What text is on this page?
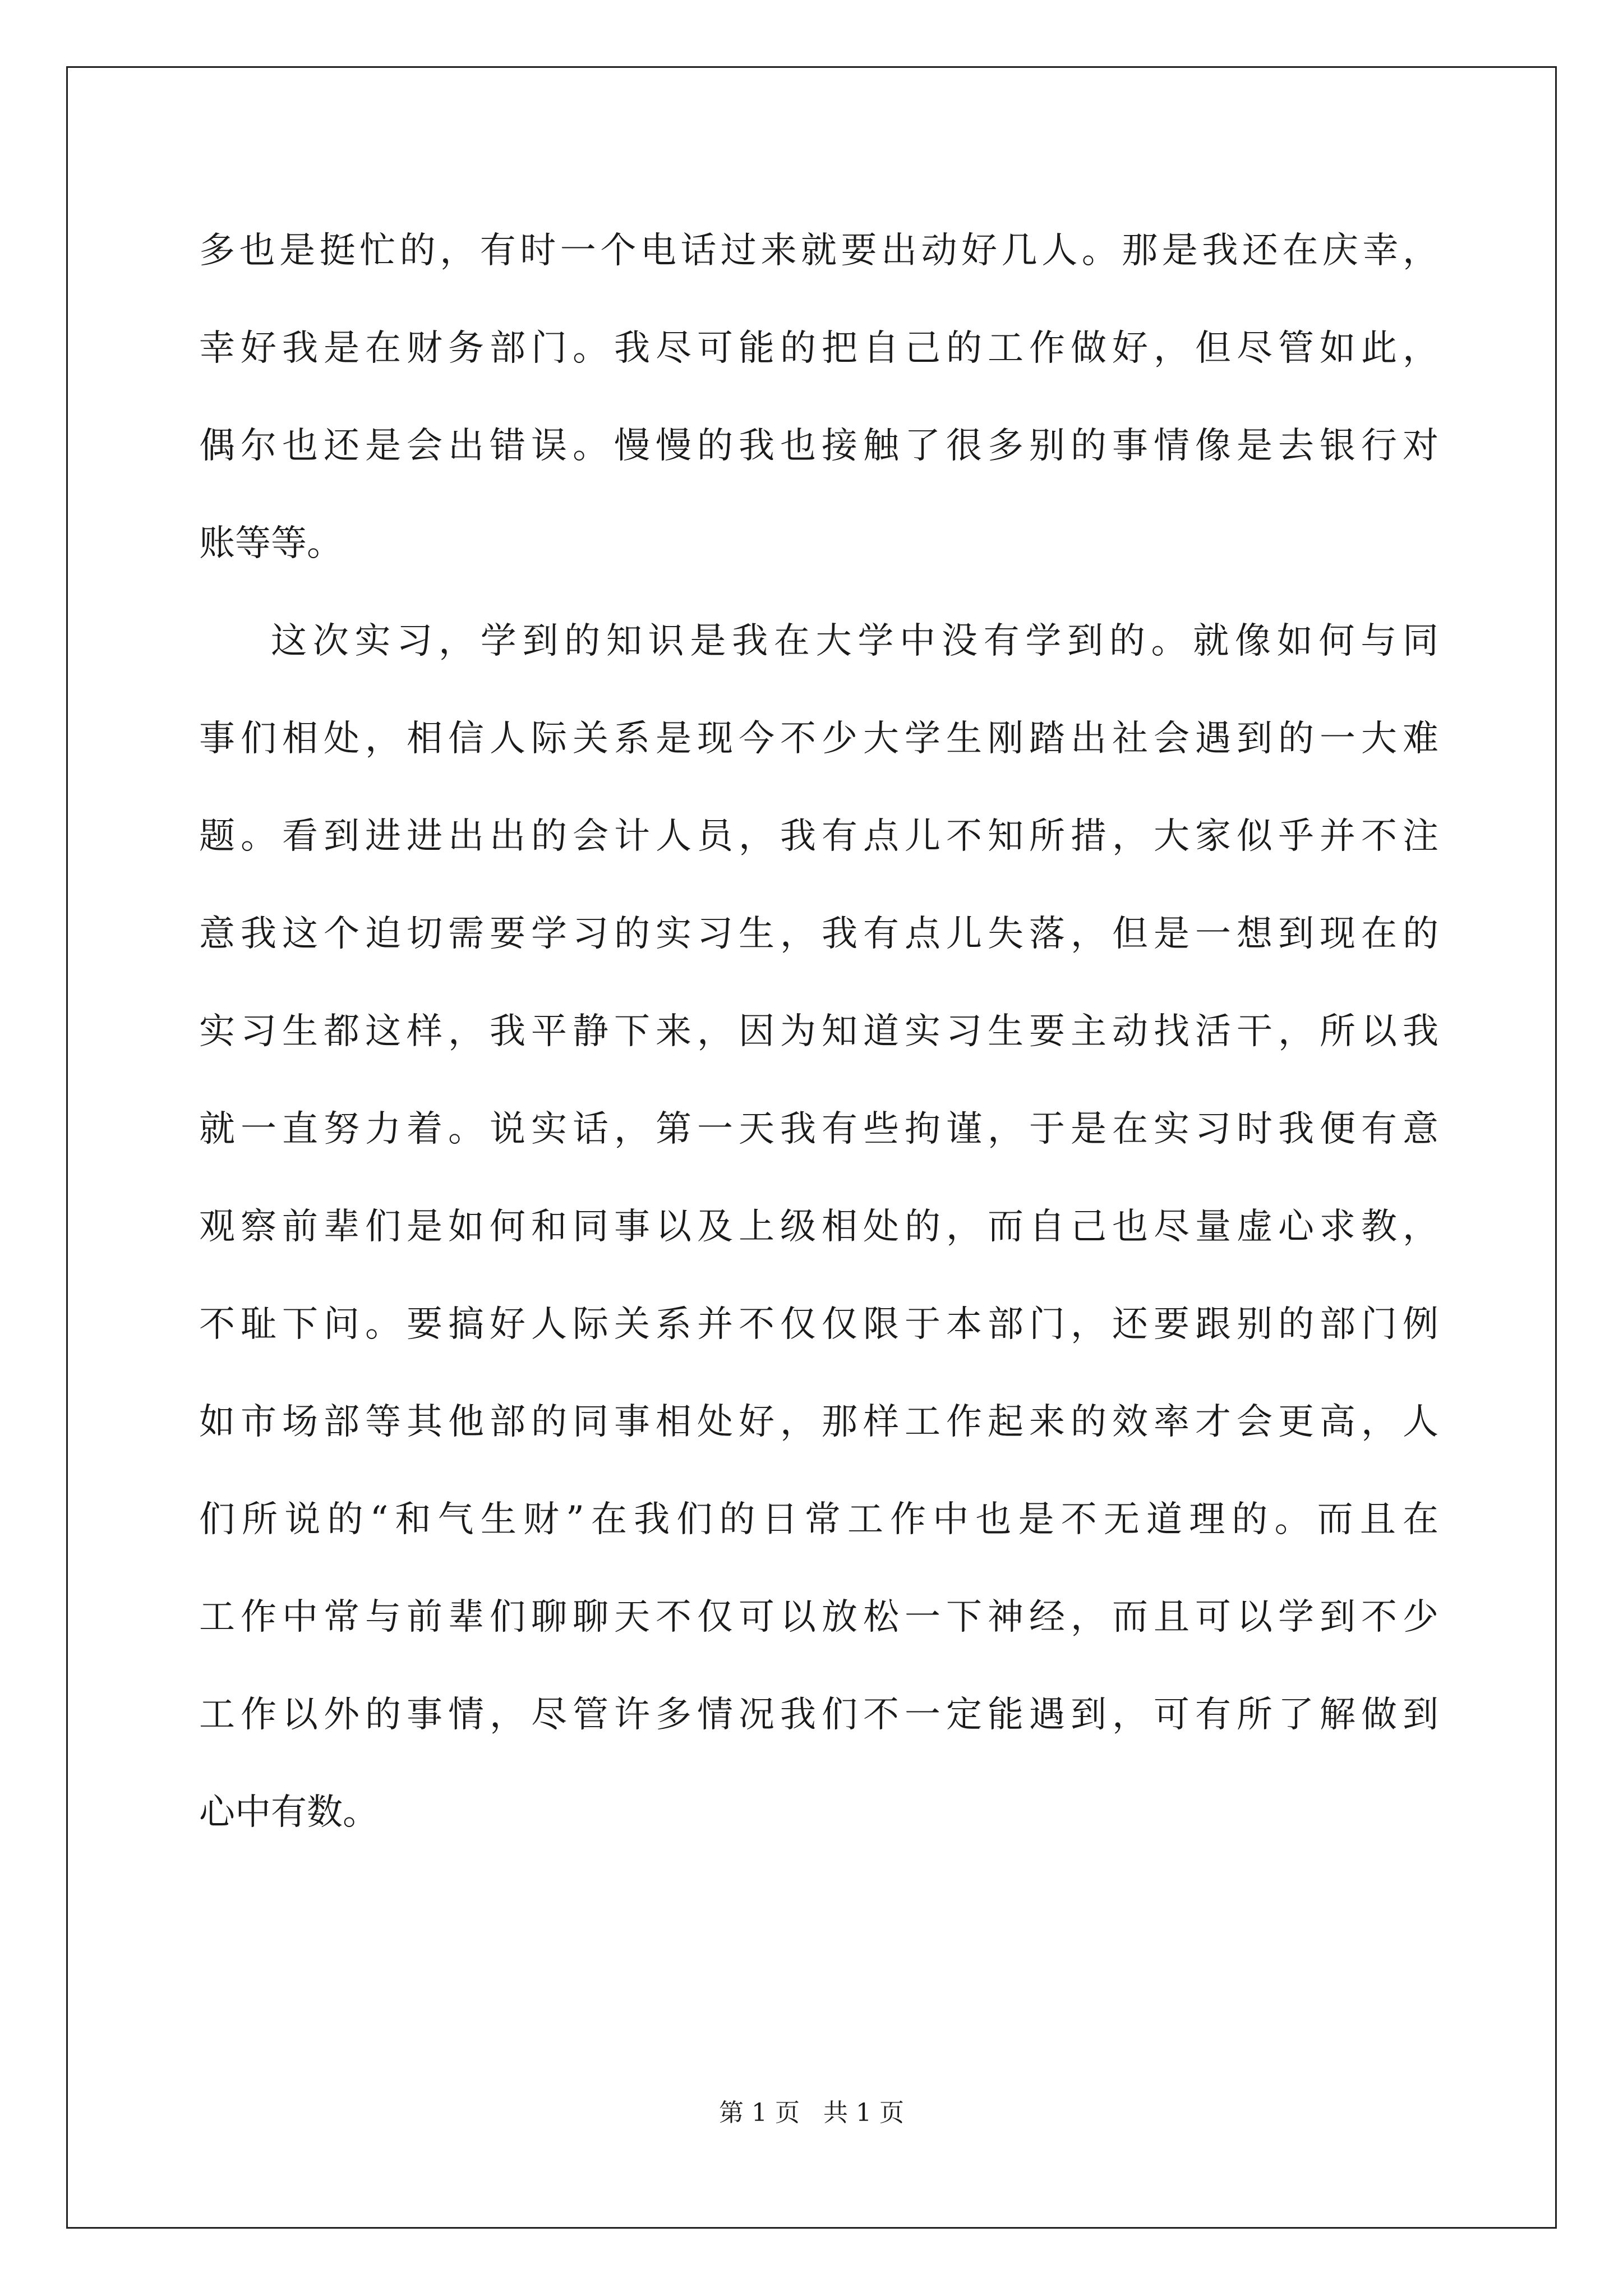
多也是挺忙的，有时一个电话过来就要出动好几人。那是我还在庆幸，
幸好我是在财务部门。我尽可能的把自己的工作做好，但尽管如此，
偶尔也还是会出错误。慢慢的我也接触了很多别的事情像是去银行对
账等等。
这次实习，学到的知识是我在大学中没有学到的。就像如何与同
事们相处，相信人际关系是现今不少大学生刚踏出社会遇到的一大难
题。看到进进出出的会计人员，我有点儿不知所措，大家似乎并不注
意我这个迫切需要学习的实习生，我有点儿失落，但是一想到现在的
实习生都这样，我平静下来，因为知道实习生要主动找活干，所以我
就一直努力着。说实话，第一天我有些拘谨，于是在实习时我便有意
观察前辈们是如何和同事以及上级相处的，而自己也尽量虚心求教，
不耻下问。要搞好人际关系并不仅仅限于本部门，还要跟别的部门例
如市场部等其他部的同事相处好，那样工作起来的效率才会更高，人
们所说的“和气生财”在我们的日常工作中也是不无道理的。而且在
工作中常与前辈们聊聊天不仅可以放松一下神经，而且可以学到不少
工作以外的事情，尽管许多情况我们不一定能遇到，可有所了解做到
心中有数。
第 1 页   共 1 页
